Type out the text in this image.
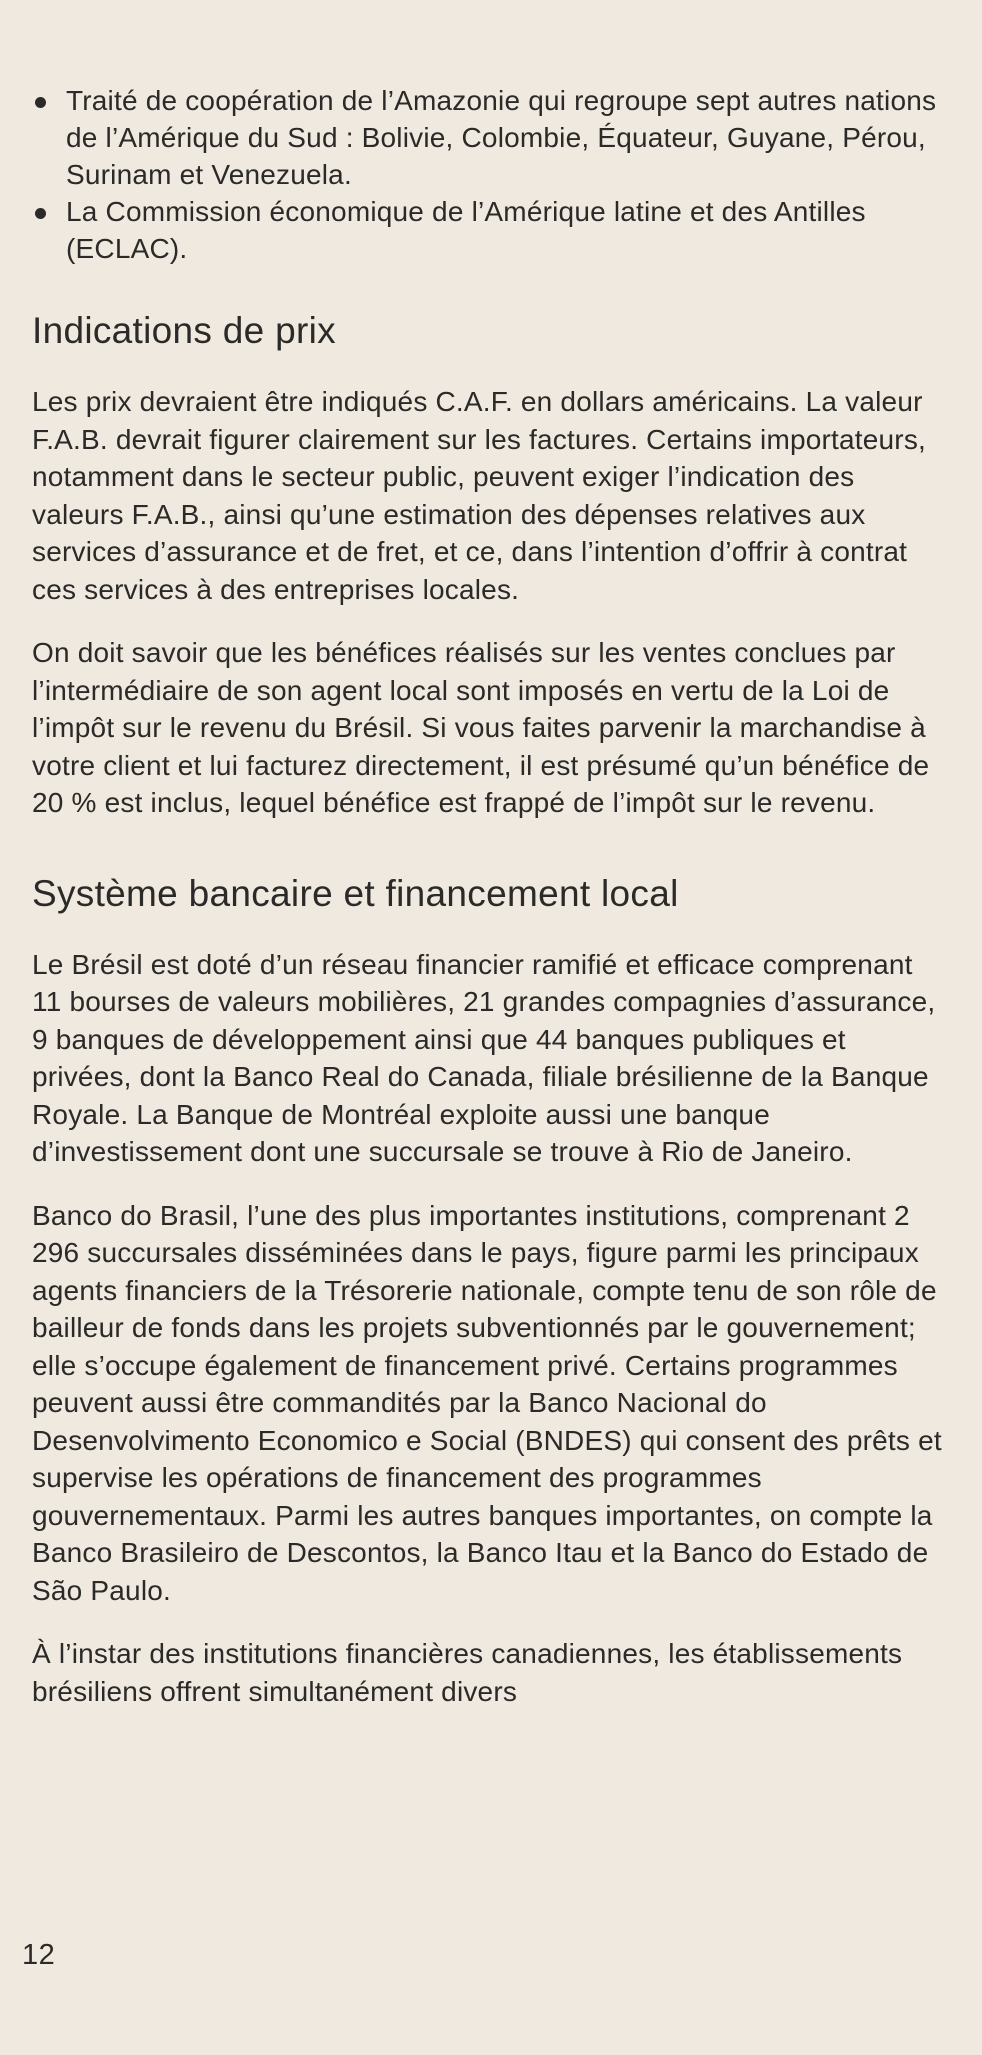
Traité de coopération de l’Amazonie qui regroupe sept autres nations de l’Amérique du Sud : Bolivie, Colombie, Équateur, Guyane, Pérou, Surinam et Venezuela.
La Commission économique de l’Amérique latine et des Antilles (ECLAC).
Indications de prix

Les prix devraient être indiqués C.A.F. en dollars américains. La valeur F.A.B. devrait figurer clairement sur les factures. Certains importateurs, notamment dans le secteur public, peuvent exiger l’indication des valeurs F.A.B., ainsi qu’une estimation des dépenses relatives aux services d’assurance et de fret, et ce, dans l’intention d’offrir à contrat ces services à des entreprises locales.

On doit savoir que les bénéfices réalisés sur les ventes conclues par l’intermédiaire de son agent local sont imposés en vertu de la Loi de l’impôt sur le revenu du Brésil. Si vous faites parvenir la marchandise à votre client et lui facturez directement, il est présumé qu’un bénéfice de 20 % est inclus, lequel bénéfice est frappé de l’impôt sur le revenu.

Système bancaire et financement local

Le Brésil est doté d’un réseau financier ramifié et efficace comprenant 11 bourses de valeurs mobilières, 21 grandes compagnies d’assurance, 9 banques de développement ainsi que 44 banques publiques et privées, dont la Banco Real do Canada, filiale brésilienne de la Banque Royale. La Banque de Montréal exploite aussi une banque d’investissement dont une succursale se trouve à Rio de Janeiro.

Banco do Brasil, l’une des plus importantes institutions, comprenant 2 296 succursales disséminées dans le pays, figure parmi les principaux agents financiers de la Trésorerie nationale, compte tenu de son rôle de bailleur de fonds dans les projets subventionnés par le gouvernement; elle s’occupe également de financement privé. Certains programmes peuvent aussi être commandités par la Banco Nacional do Desenvolvimento Economico e Social (BNDES) qui consent des prêts et supervise les opérations de financement des programmes gouvernementaux. Parmi les autres banques importantes, on compte la Banco Brasileiro de Descontos, la Banco Itau et la Banco do Estado de São Paulo.

À l’instar des institutions financières canadiennes, les établissements brésiliens offrent simultanément divers

12
